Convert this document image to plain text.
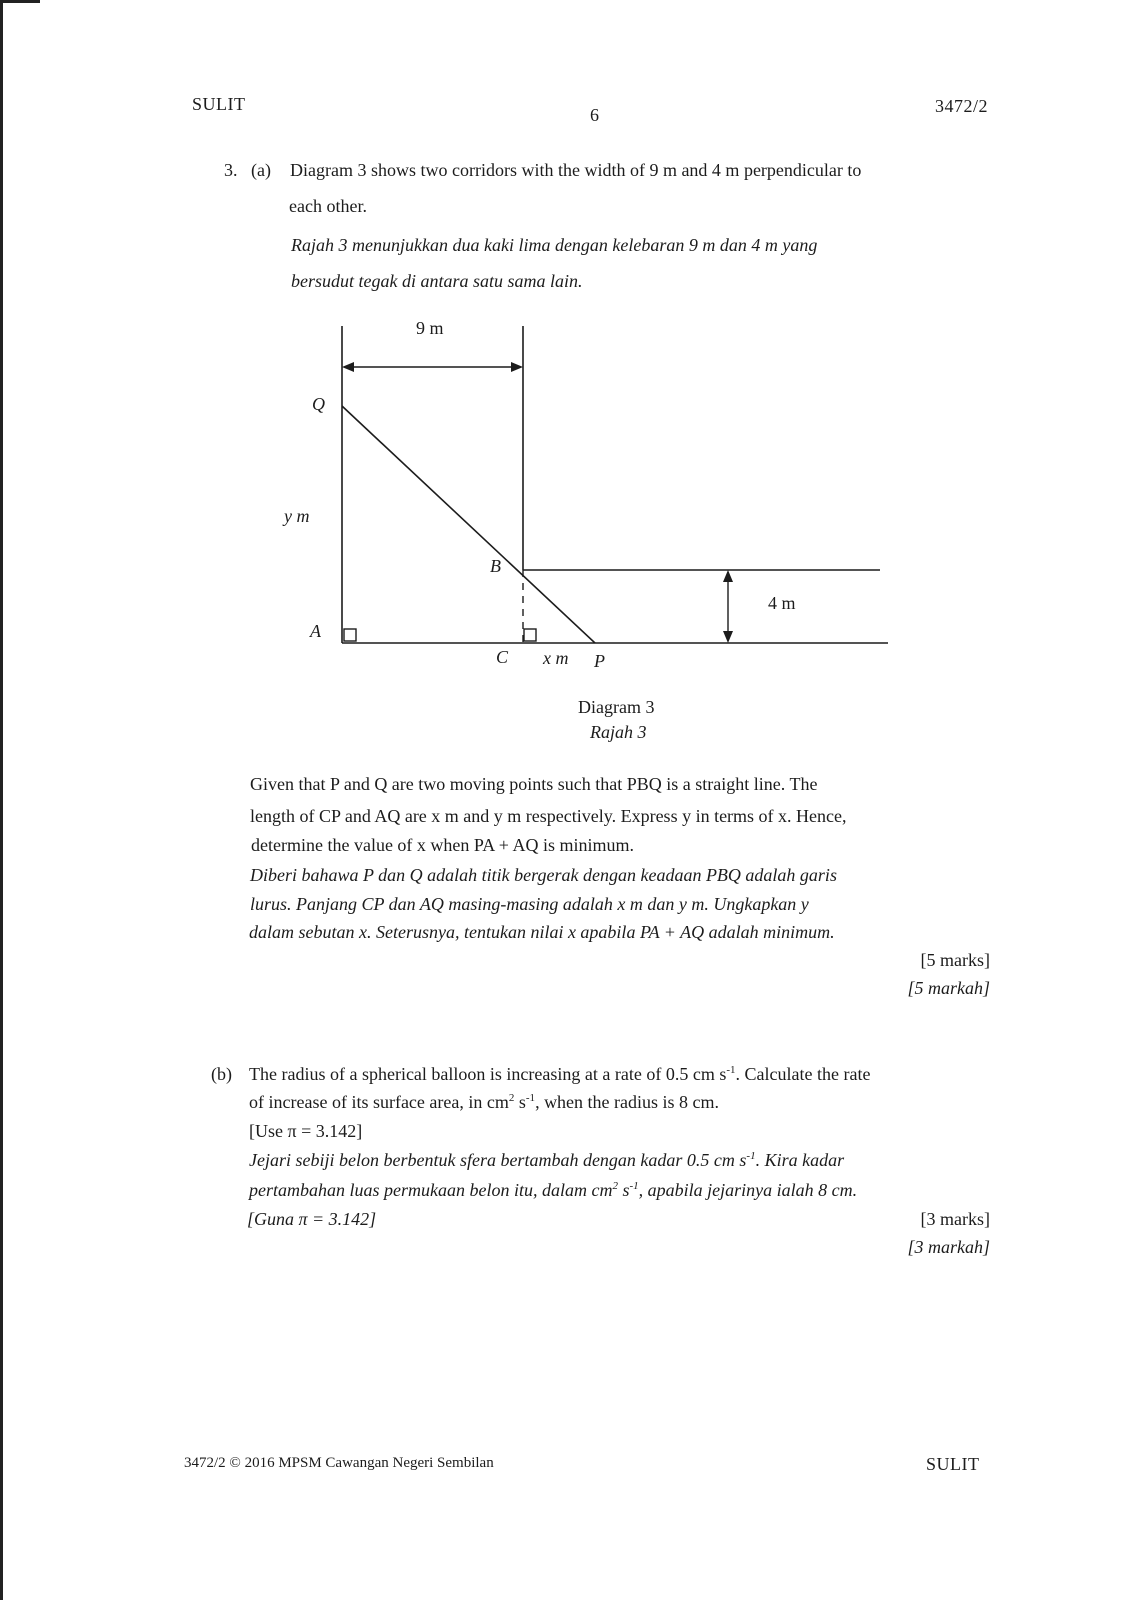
SULIT
6	3472/2
3. (a) Diagram 3 shows two corridors with the width of 9 m and 4 m perpendicular to
each other.
Rajah 3 menunjukkan dua kaki lima dengan kelebaran 9 m dan 4 m yang
bersudut tegak di antara satu sama lain.
9 m
Q
y m
B
A
C x m P
4 m
Diagram 3
Rajah 3
Given that P and Q are two moving points such that PBQ is a straight line. The
length of CP and AQ are x m and y m respectively. Express y in terms of x. Hence,
determine the value of x when PA + AQ is minimum.
Diberi bahawa P dan Q adalah titik bergerak dengan keadaan PBQ adalah garis
lurus. Panjang CP dan AQ masing-masing adalah x m dan y m. Ungkapkan y
dalam sebutan x. Seterusnya, tentukan nilai x apabila PA + AQ adalah minimum.
[5 marks]
[5 markah]
(b) The radius of a spherical balloon is increasing at a rate of 0.5 cm $s^{-1}$. Calculate the rate
of increase of its surface area, in $cm^2$ $s^{-1}$, when the radius is 8 cm.
[Use π = 3.142]
Jejari sebiji belon berbentuk sfera bertambah dengan kadar 0.5 cm $s^{-1}$. Kira kadar
pertambahan luas permukaan belon itu, dalam $cm^2$ $s^{-1}$, apabila jejarinya ialah 8 cm.
[Guna π = 3.142]	[3 marks]
[3 markah]
3472/2 © 2016 MPSM Cawangan Negeri Sembilan	SULIT
